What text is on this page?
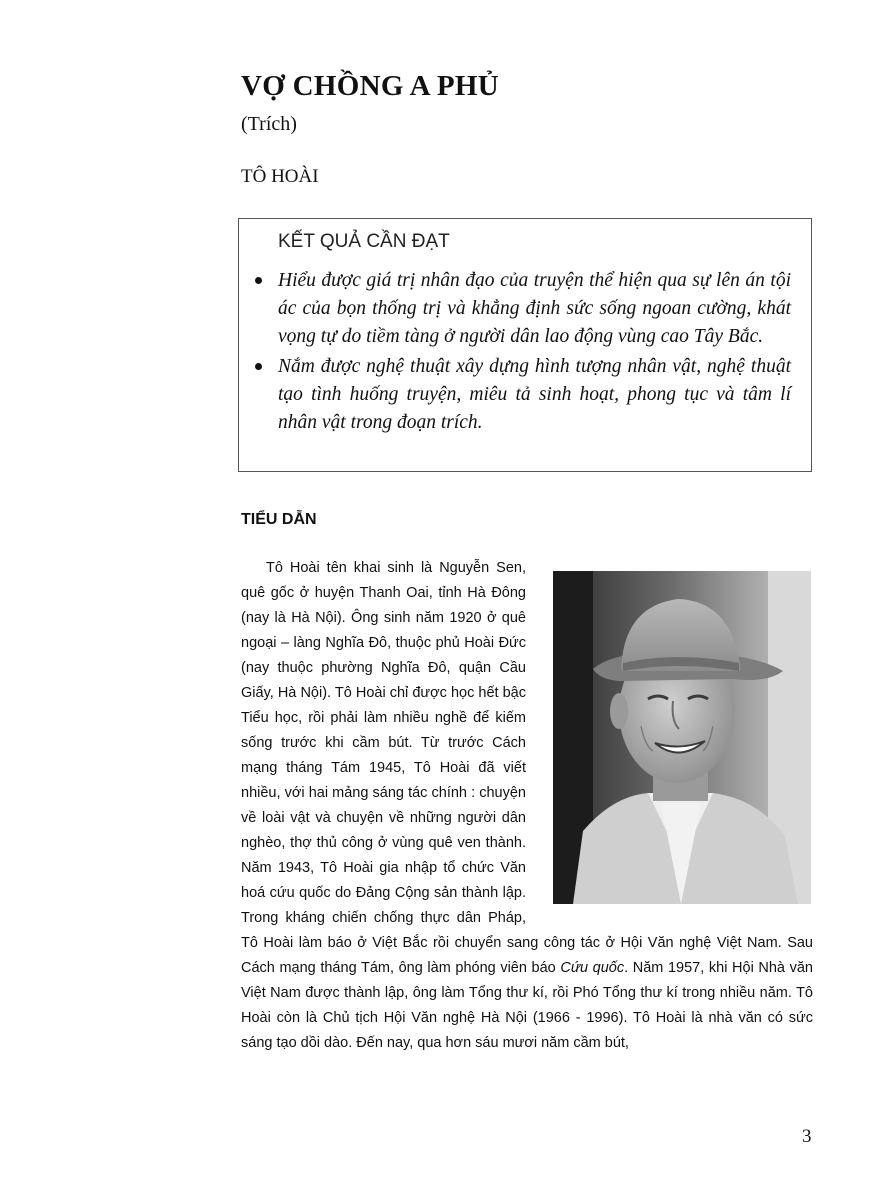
VỢ CHỒNG A PHỦ
(Trích)
TÔ HOÀI
KẾT QUẢ CẦN ĐẠT
Hiểu được giá trị nhân đạo của truyện thể hiện qua sự lên án tội ác của bọn thống trị và khẳng định sức sống ngoan cường, khát vọng tự do tiềm tàng ở người dân lao động vùng cao Tây Bắc.
Nắm được nghệ thuật xây dựng hình tượng nhân vật, nghệ thuật tạo tình huống truyện, miêu tả sinh hoạt, phong tục và tâm lí nhân vật trong đoạn trích.
TIỂU DẪN

Tô Hoài tên khai sinh là Nguyễn Sen, quê gốc ở huyện Thanh Oai, tỉnh Hà Đông (nay là Hà Nội). Ông sinh năm 1920 ở quê ngoại – làng Nghĩa Đô, thuộc phủ Hoài Đức (nay thuộc phường Nghĩa Đô, quận Cầu Giấy, Hà Nội). Tô Hoài chỉ được học hết bậc Tiểu học, rồi phải làm nhiều nghề để kiếm sống trước khi cầm bút. Từ trước Cách mạng tháng Tám 1945, Tô Hoài đã viết nhiều, với hai mảng sáng tác chính : chuyện về loài vật và chuyện về những người dân nghèo, thợ thủ công ở vùng quê ven thành. Năm 1943, Tô Hoài gia nhập tổ chức Văn hoá cứu quốc do Đảng Cộng sản thành lập. Trong kháng chiến chống thực dân Pháp, Tô Hoài làm báo ở Việt Bắc rồi chuyển sang công tác ở Hội Văn nghệ Việt Nam. Sau Cách mạng tháng Tám, ông làm phóng viên báo Cứu quốc. Năm 1957, khi Hội Nhà văn Việt Nam được thành lập, ông làm Tổng thư kí, rồi Phó Tổng thư kí trong nhiều năm. Tô Hoài còn là Chủ tịch Hội Văn nghệ Hà Nội (1966 - 1996). Tô Hoài là nhà văn có sức sáng tạo dồi dào. Đến nay, qua hơn sáu mươi năm cầm bút,

3
